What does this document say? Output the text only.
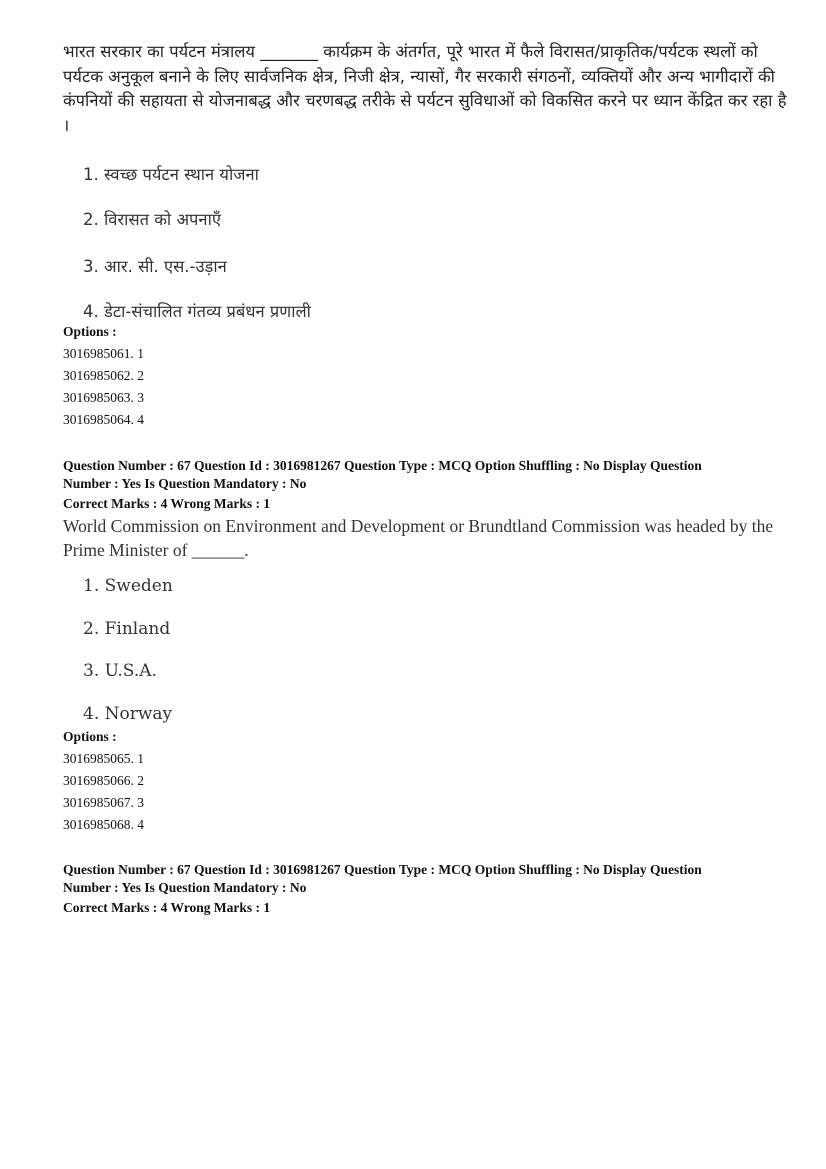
भारत सरकार का पर्यटन मंत्रालय _______ कार्यक्रम के अंतर्गत, पूरे भारत में फैले विरासत/प्राकृतिक/पर्यटक स्थलों को पर्यटक अनुकूल बनाने के लिए सार्वजनिक क्षेत्र, निजी क्षेत्र, न्यासों, गैर सरकारी संगठनों, व्यक्तियों और अन्य भागीदारों की कंपनियों की सहायता से योजनाबद्ध और चरणबद्ध तरीके से पर्यटन सुविधाओं को विकसित करने पर ध्यान केंद्रित कर रहा है ।
1. स्वच्छ पर्यटन स्थान योजना
2. विरासत को अपनाएँ
3. आर. सी. एस.-उड़ान
4. डेटा-संचालित गंतव्य प्रबंधन प्रणाली
Options :
3016985061. 1
3016985062. 2
3016985063. 3
3016985064. 4
Question Number : 67 Question Id : 3016981267 Question Type : MCQ Option Shuffling : No Display Question
Number : Yes Is Question Mandatory : No
Correct Marks : 4 Wrong Marks : 1
World Commission on Environment and Development or Brundtland Commission was headed by the Prime Minister of ______.
1. Sweden
2. Finland
3. U.S.A.
4. Norway
Options :
3016985065. 1
3016985066. 2
3016985067. 3
3016985068. 4
Question Number : 67 Question Id : 3016981267 Question Type : MCQ Option Shuffling : No Display Question
Number : Yes Is Question Mandatory : No
Correct Marks : 4 Wrong Marks : 1
